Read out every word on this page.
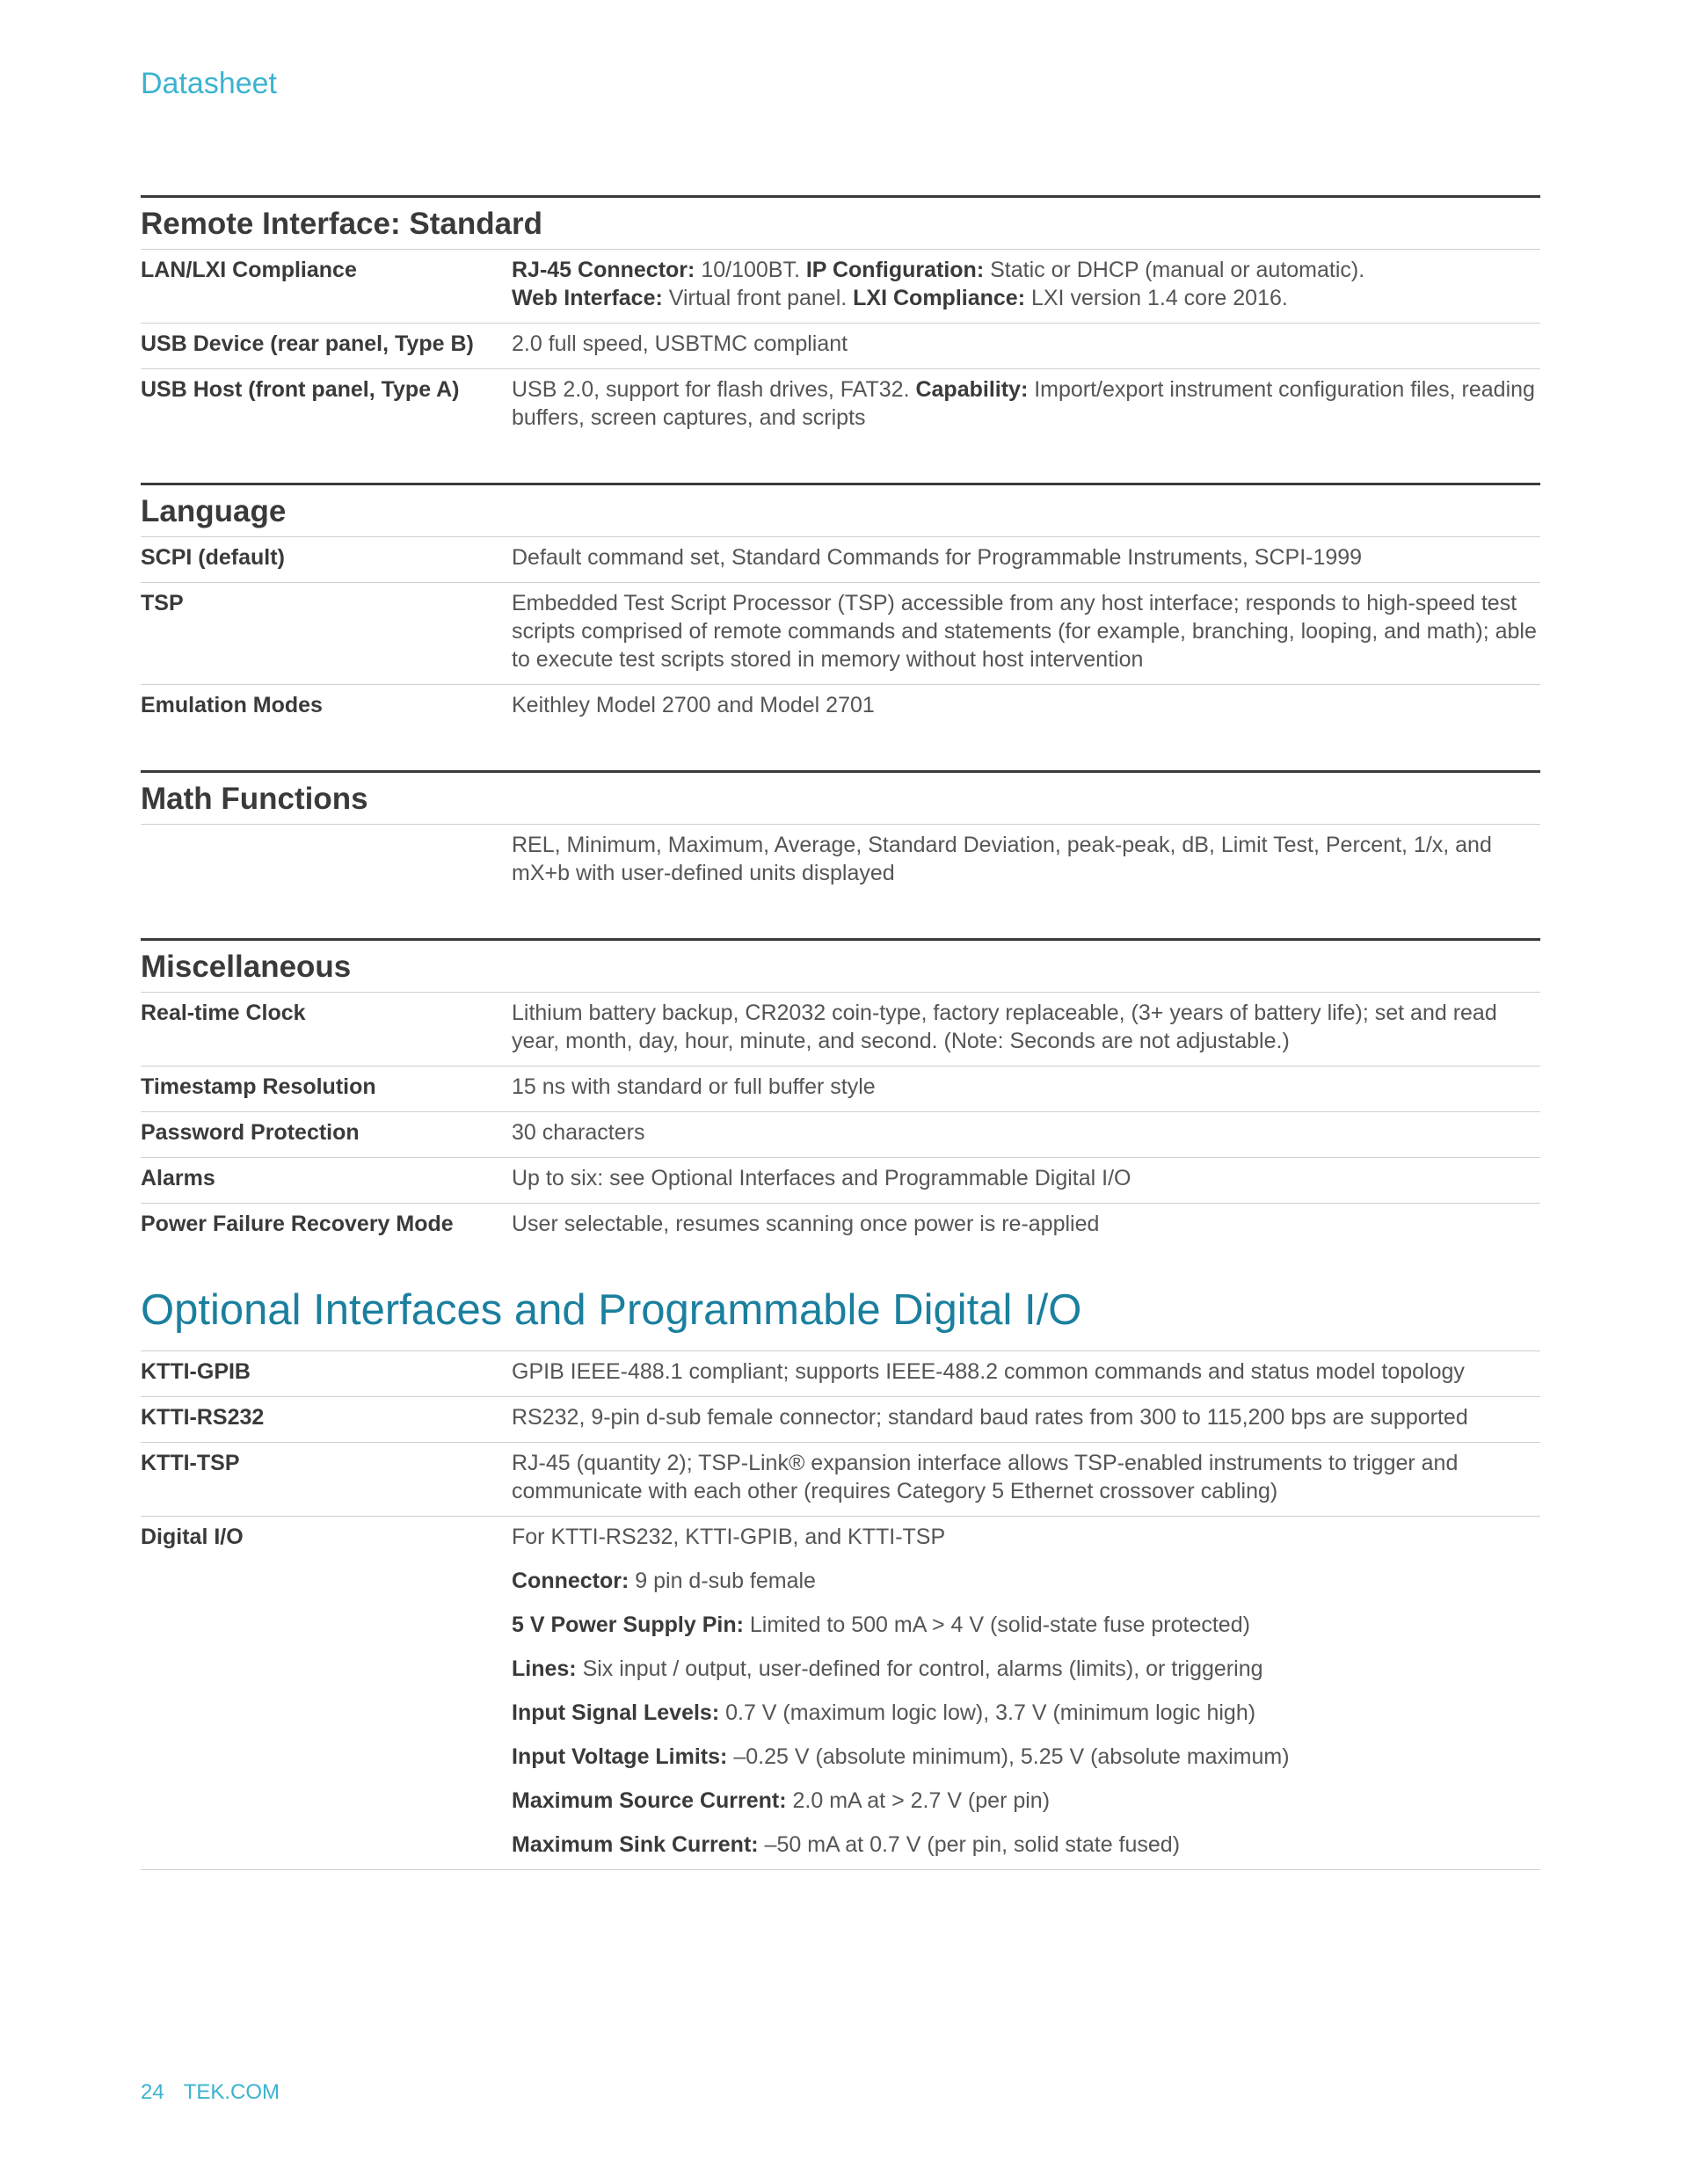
Datasheet
Remote Interface: Standard
LAN/LXI Compliance	RJ-45 Connector: 10/100BT. IP Configuration: Static or DHCP (manual or automatic).
Web Interface: Virtual front panel. LXI Compliance: LXI version 1.4 core 2016.
USB Device (rear panel, Type B)	2.0 full speed, USBTMC compliant
USB Host (front panel, Type A)	USB 2.0, support for flash drives, FAT32. Capability: Import/export instrument configuration files, reading buffers, screen captures, and scripts
Language
SCPI (default)	Default command set, Standard Commands for Programmable Instruments, SCPI-1999
TSP	Embedded Test Script Processor (TSP) accessible from any host interface; responds to high-speed test scripts comprised of remote commands and statements (for example, branching, looping, and math); able to execute test scripts stored in memory without host intervention
Emulation Modes	Keithley Model 2700 and Model 2701
Math Functions
REL, Minimum, Maximum, Average, Standard Deviation, peak-peak, dB, Limit Test, Percent, 1/x, and mX+b with user-defined units displayed
Miscellaneous
Real-time Clock	Lithium battery backup, CR2032 coin-type, factory replaceable, (3+ years of battery life); set and read year, month, day, hour, minute, and second. (Note: Seconds are not adjustable.)
Timestamp Resolution	15 ns with standard or full buffer style
Password Protection	30 characters
Alarms	Up to six: see Optional Interfaces and Programmable Digital I/O
Power Failure Recovery Mode	User selectable, resumes scanning once power is re-applied
Optional Interfaces and Programmable Digital I/O
KTTI-GPIB	GPIB IEEE-488.1 compliant; supports IEEE-488.2 common commands and status model topology
KTTI-RS232	RS232, 9-pin d-sub female connector; standard baud rates from 300 to 115,200 bps are supported
KTTI-TSP	RJ-45 (quantity 2); TSP-Link® expansion interface allows TSP-enabled instruments to trigger and communicate with each other (requires Category 5 Ethernet crossover cabling)
Digital I/O	For KTTI-RS232, KTTI-GPIB, and KTTI-TSP
Connector: 9 pin d-sub female
5 V Power Supply Pin: Limited to 500 mA > 4 V (solid-state fuse protected)
Lines: Six input / output, user-defined for control, alarms (limits), or triggering
Input Signal Levels: 0.7 V (maximum logic low), 3.7 V (minimum logic high)
Input Voltage Limits: –0.25 V (absolute minimum), 5.25 V (absolute maximum)
Maximum Source Current: 2.0 mA at > 2.7 V (per pin)
Maximum Sink Current: –50 mA at 0.7 V (per pin, solid state fused)
24 TEK.COM
